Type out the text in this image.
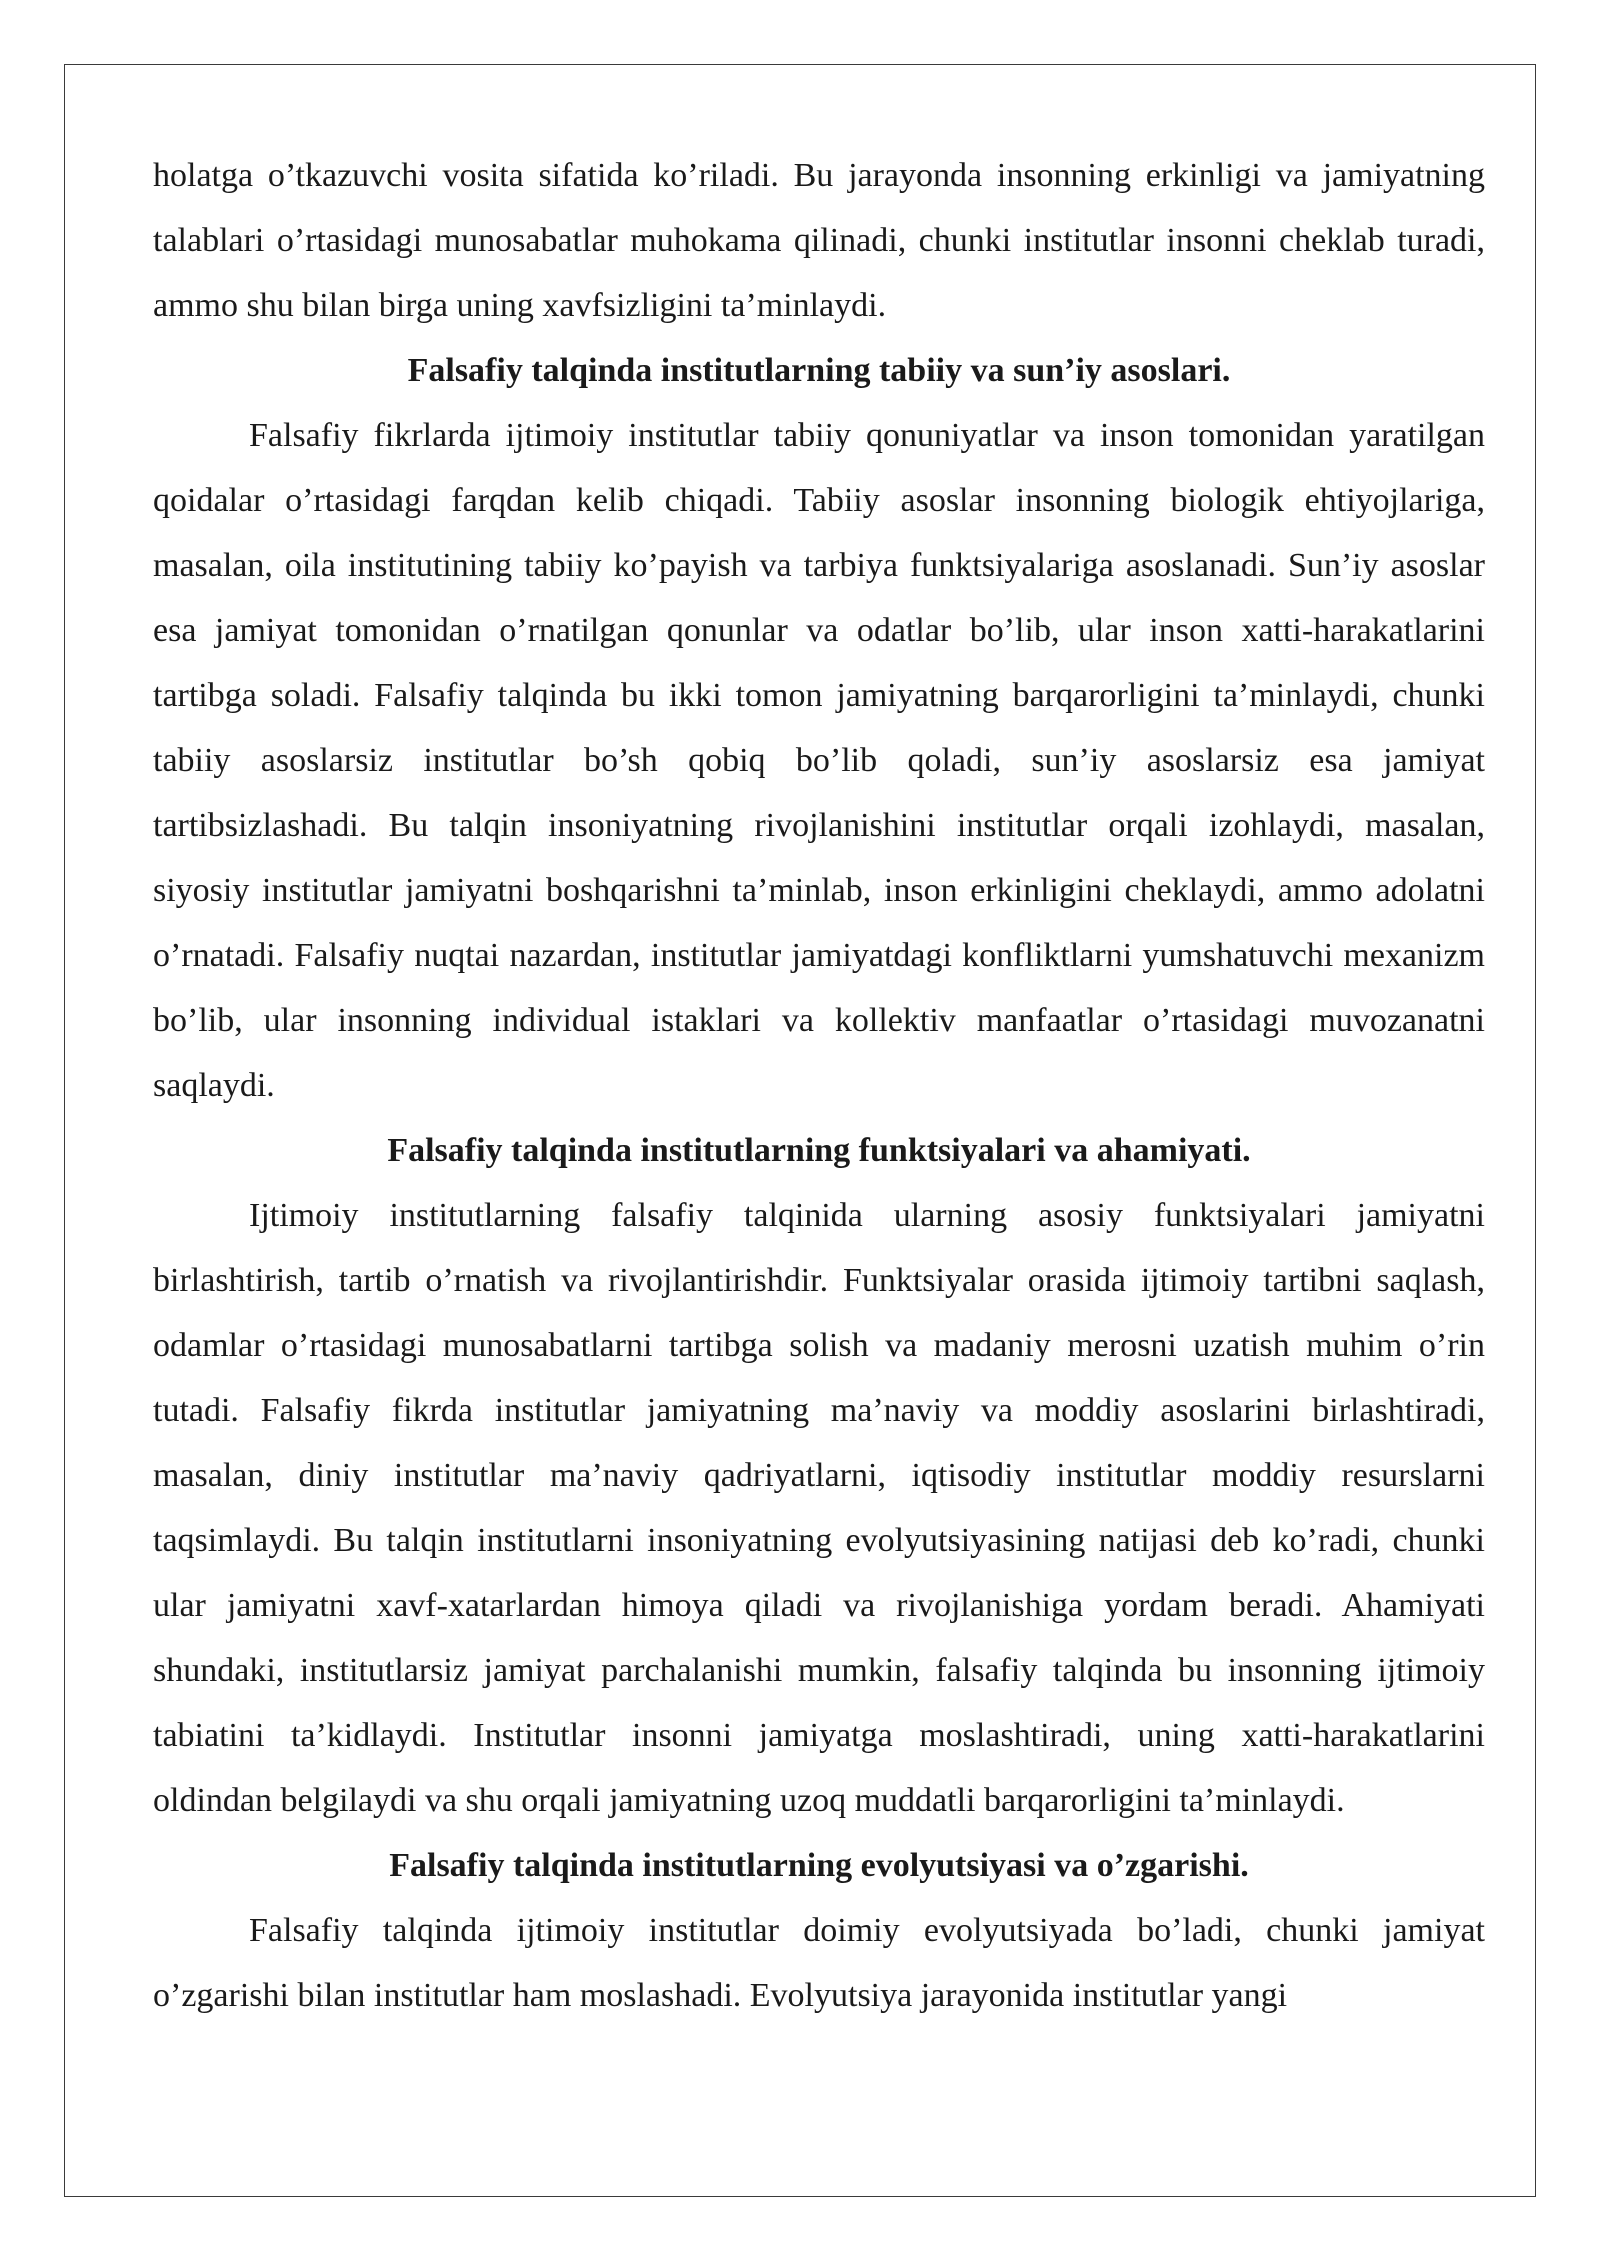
holatga o’tkazuvchi vosita sifatida ko’riladi. Bu jarayonda insonning erkinligi va jamiyatning talablari o’rtasidagi munosabatlar muhokama qilinadi, chunki institutlar insonni cheklab turadi, ammo shu bilan birga uning xavfsizligini ta’minlaydi.

Falsafiy talqinda institutlarning tabiiy va sun’iy asoslari.

Falsafiy fikrlarda ijtimoiy institutlar tabiiy qonuniyatlar va inson tomonidan yaratilgan qoidalar o’rtasidagi farqdan kelib chiqadi. Tabiiy asoslar insonning biologik ehtiyojlariga, masalan, oila institutining tabiiy ko’payish va tarbiya funktsiyalariga asoslanadi. Sun’iy asoslar esa jamiyat tomonidan o’rnatilgan qonunlar va odatlar bo’lib, ular inson xatti-harakatlarini tartibga soladi. Falsafiy talqinda bu ikki tomon jamiyatning barqarorligini ta’minlaydi, chunki tabiiy asoslarsiz institutlar bo’sh qobiq bo’lib qoladi, sun’iy asoslarsiz esa jamiyat tartibsizlashadi. Bu talqin insoniyatning rivojlanishini institutlar orqali izohlaydi, masalan, siyosiy institutlar jamiyatni boshqarishni ta’minlab, inson erkinligini cheklaydi, ammo adolatni o’rnatadi. Falsafiy nuqtai nazardan, institutlar jamiyatdagi konfliktlarni yumshatuvchi mexanizm bo’lib, ular insonning individual istaklari va kollektiv manfaatlar o’rtasidagi muvozanatni saqlaydi.

Falsafiy talqinda institutlarning funktsiyalari va ahamiyati.

Ijtimoiy institutlarning falsafiy talqinida ularning asosiy funktsiyalari jamiyatni birlashtirish, tartib o’rnatish va rivojlantirishdir. Funktsiyalar orasida ijtimoiy tartibni saqlash, odamlar o’rtasidagi munosabatlarni tartibga solish va madaniy merosni uzatish muhim o’rin tutadi. Falsafiy fikrda institutlar jamiyatning ma’naviy va moddiy asoslarini birlashtiradi, masalan, diniy institutlar ma’naviy qadriyatlarni, iqtisodiy institutlar moddiy resurslarni taqsimlaydi. Bu talqin institutlarni insoniyatning evolyutsiyasining natijasi deb ko’radi, chunki ular jamiyatni xavf-xatarlardan himoya qiladi va rivojlanishiga yordam beradi. Ahamiyati shundaki, institutlarsiz jamiyat parchalanishi mumkin, falsafiy talqinda bu insonning ijtimoiy tabiatini ta’kidlaydi. Institutlar insonni jamiyatga moslashtiradi, uning xatti-harakatlarini oldindan belgilaydi va shu orqali jamiyatning uzoq muddatli barqarorligini ta’minlaydi.

Falsafiy talqinda institutlarning evolyutsiyasi va o’zgarishi.

Falsafiy talqinda ijtimoiy institutlar doimiy evolyutsiyada bo’ladi, chunki jamiyat o’zgarishi bilan institutlar ham moslashadi. Evolyutsiya jarayonida institutlar yangi
